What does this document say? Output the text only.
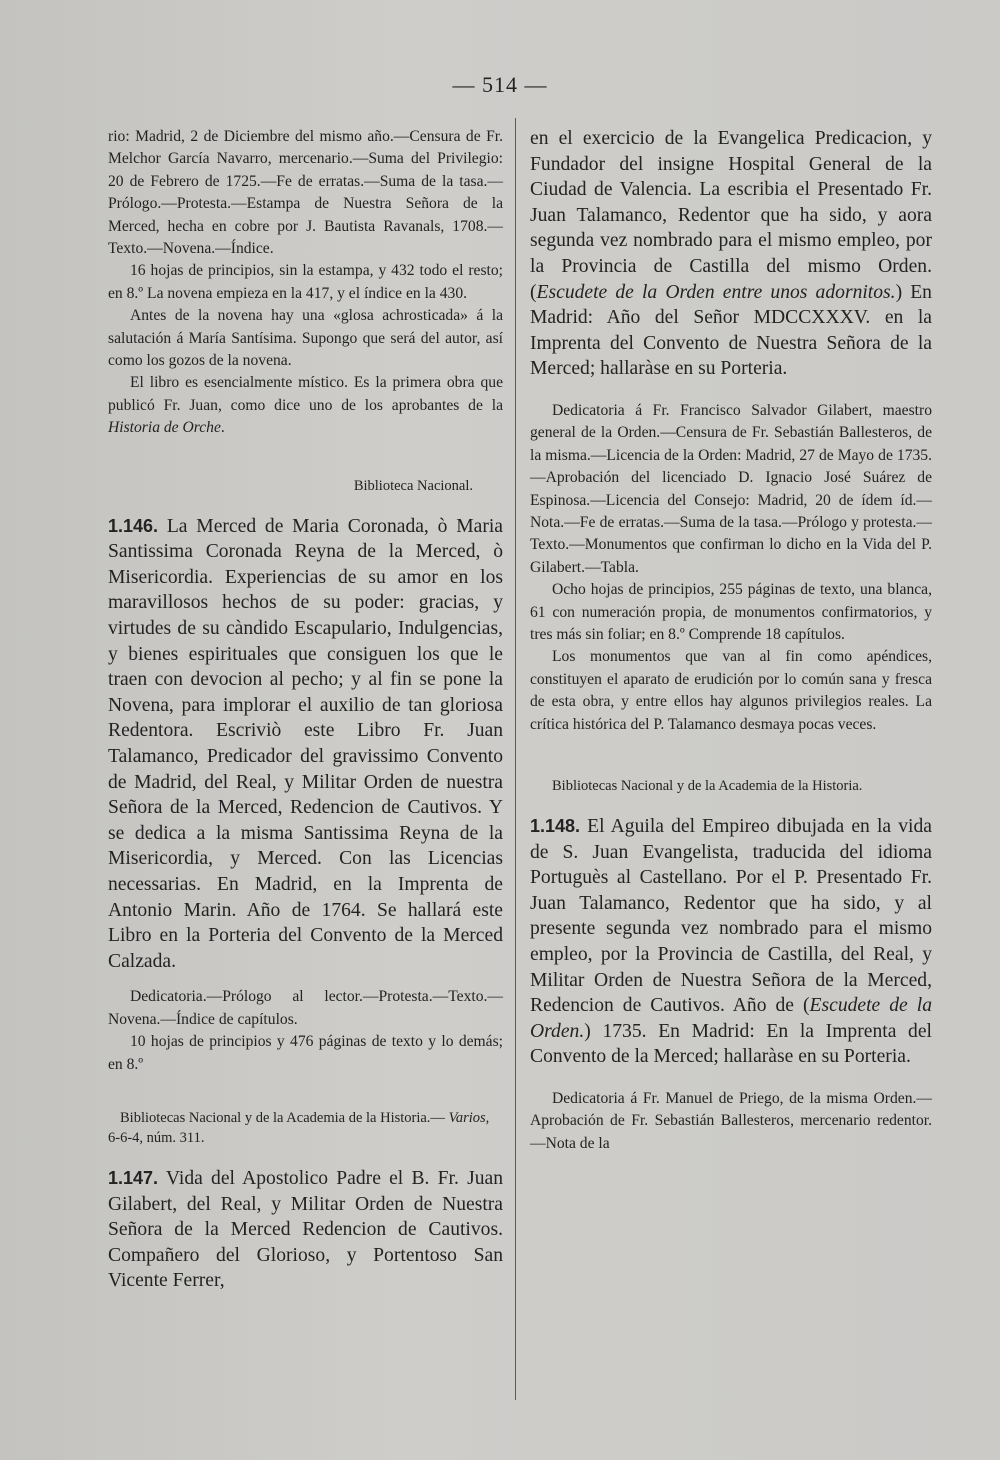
— 514 —

rio: Madrid, 2 de Diciembre del mismo año.—Censura de Fr. Melchor García Navarro, mercenario.—Suma del Privilegio: 20 de Febrero de 1725.—Fe de erratas.—Suma de la tasa.—Prólogo.—Protesta.—Estampa de Nuestra Señora de la Merced, hecha en cobre por J. Bautista Ravanals, 1708.—Texto.—Novena.—Índice.

16 hojas de principios, sin la estampa, y 432 todo el resto; en 8.º La novena empieza en la 417, y el índice en la 430.

Antes de la novena hay una «glosa achrosticada» á la salutación á María Santísima. Supongo que será del autor, así como los gozos de la novena.

El libro es esencialmente místico. Es la primera obra que publicó Fr. Juan, como dice uno de los aprobantes de la Historia de Orche.

Biblioteca Nacional.

1.146. La Merced de Maria Coronada, ò Maria Santissima Coronada Reyna de la Merced, ò Misericordia. Experiencias de su amor en los maravillosos hechos de su poder: gracias, y virtudes de su càndido Escapulario, Indulgencias, y bienes espirituales que consiguen los que le traen con devocion al pecho; y al fin se pone la Novena, para implorar el auxilio de tan gloriosa Redentora. Escriviò este Libro Fr. Juan Talamanco, Predicador del gravissimo Convento de Madrid, del Real, y Militar Orden de nuestra Señora de la Merced, Redencion de Cautivos. Y se dedica a la misma Santissima Reyna de la Misericordia, y Merced. Con las Licencias necessarias. En Madrid, en la Imprenta de Antonio Marin. Año de 1764. Se hallará este Libro en la Porteria del Convento de la Merced Calzada.

Dedicatoria.—Prólogo al lector.—Protesta.—Texto.—Novena.—Índice de capítulos.

10 hojas de principios y 476 páginas de texto y lo demás; en 8.º

Bibliotecas Nacional y de la Academia de la Historia.— Varios, 6-6-4, núm. 311.

1.147. Vida del Apostolico Padre el B. Fr. Juan Gilabert, del Real, y Militar Orden de Nuestra Señora de la Merced Redencion de Cautivos. Compañero del Glorioso, y Portentoso San Vicente Ferrer,

en el exercicio de la Evangelica Predicacion, y Fundador del insigne Hospital General de la Ciudad de Valencia. La escribia el Presentado Fr. Juan Talamanco, Redentor que ha sido, y aora segunda vez nombrado para el mismo empleo, por la Provincia de Castilla del mismo Orden. (Escudete de la Orden entre unos adornitos.) En Madrid: Año del Señor MDCCXXXV. en la Imprenta del Convento de Nuestra Señora de la Merced; hallaràse en su Porteria.

Dedicatoria á Fr. Francisco Salvador Gilabert, maestro general de la Orden.—Censura de Fr. Sebastián Ballesteros, de la misma.—Licencia de la Orden: Madrid, 27 de Mayo de 1735.—Aprobación del licenciado D. Ignacio José Suárez de Espinosa.—Licencia del Consejo: Madrid, 20 de ídem íd.—Nota.—Fe de erratas.—Suma de la tasa.—Prólogo y protesta.—Texto.—Monumentos que confirman lo dicho en la Vida del P. Gilabert.—Tabla.

Ocho hojas de principios, 255 páginas de texto, una blanca, 61 con numeración propia, de monumentos confirmatorios, y tres más sin foliar; en 8.º Comprende 18 capítulos.

Los monumentos que van al fin como apéndices, constituyen el aparato de erudición por lo común sana y fresca de esta obra, y entre ellos hay algunos privilegios reales. La crítica histórica del P. Talamanco desmaya pocas veces.

Bibliotecas Nacional y de la Academia de la Historia.

1.148. El Aguila del Empireo dibujada en la vida de S. Juan Evangelista, traducida del idioma Portuguès al Castellano. Por el P. Presentado Fr. Juan Talamanco, Redentor que ha sido, y al presente segunda vez nombrado para el mismo empleo, por la Provincia de Castilla, del Real, y Militar Orden de Nuestra Señora de la Merced, Redencion de Cautivos. Año de (Escudete de la Orden.) 1735. En Madrid: En la Imprenta del Convento de la Merced; hallaràse en su Porteria.

Dedicatoria á Fr. Manuel de Priego, de la misma Orden.—Aprobación de Fr. Sebastián Ballesteros, mercenario redentor.—Nota de la
